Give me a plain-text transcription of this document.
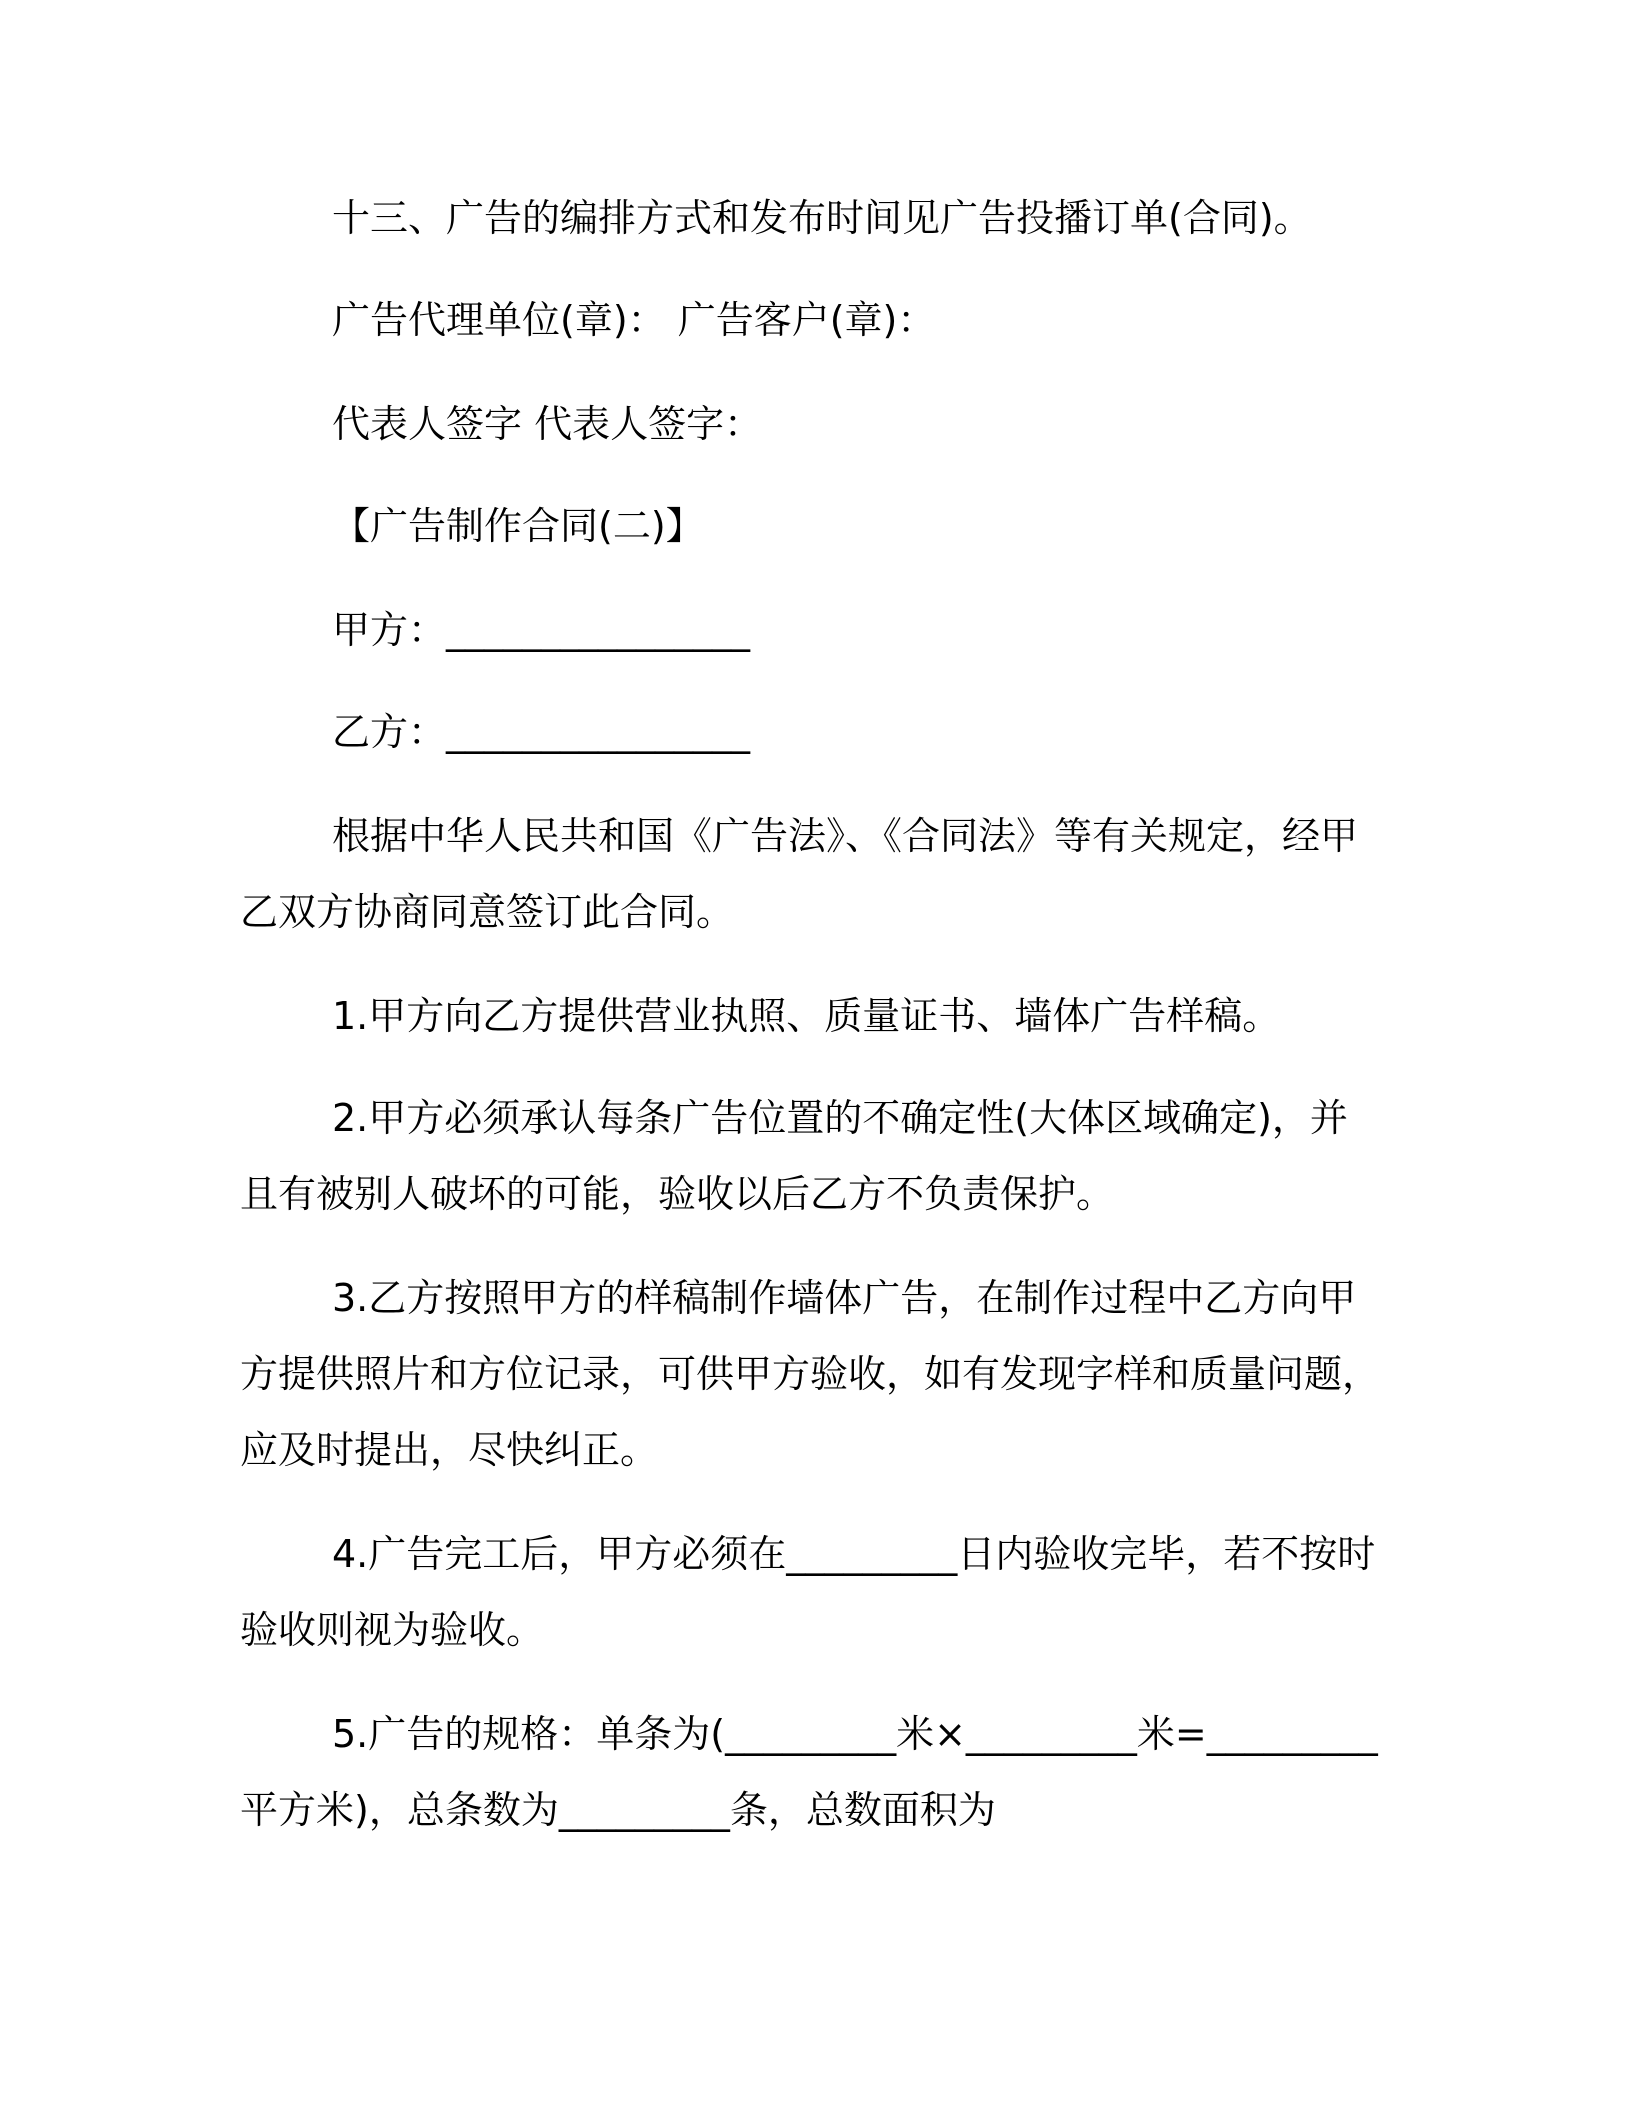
十三、广告的编排方式和发布时间见广告投播订单(合同)。

广告代理单位(章)： 广告客户(章)：

代表人签字 代表人签字：

【广告制作合同(二)】

甲方：________________

乙方：________________

根据中华人民共和国《广告法》、《合同法》等有关规定，经甲乙双方协商同意签订此合同。

1.甲方向乙方提供营业执照、质量证书、墙体广告样稿。

2.甲方必须承认每条广告位置的不确定性(大体区域确定)，并且有被别人破坏的可能，验收以后乙方不负责保护。

3.乙方按照甲方的样稿制作墙体广告，在制作过程中乙方向甲方提供照片和方位记录，可供甲方验收，如有发现字样和质量问题，应及时提出，尽快纠正。

4.广告完工后，甲方必须在_________日内验收完毕，若不按时验收则视为验收。

5.广告的规格：单条为(_________米×_________米=_________平方米)，总条数为_________条，总数面积为
